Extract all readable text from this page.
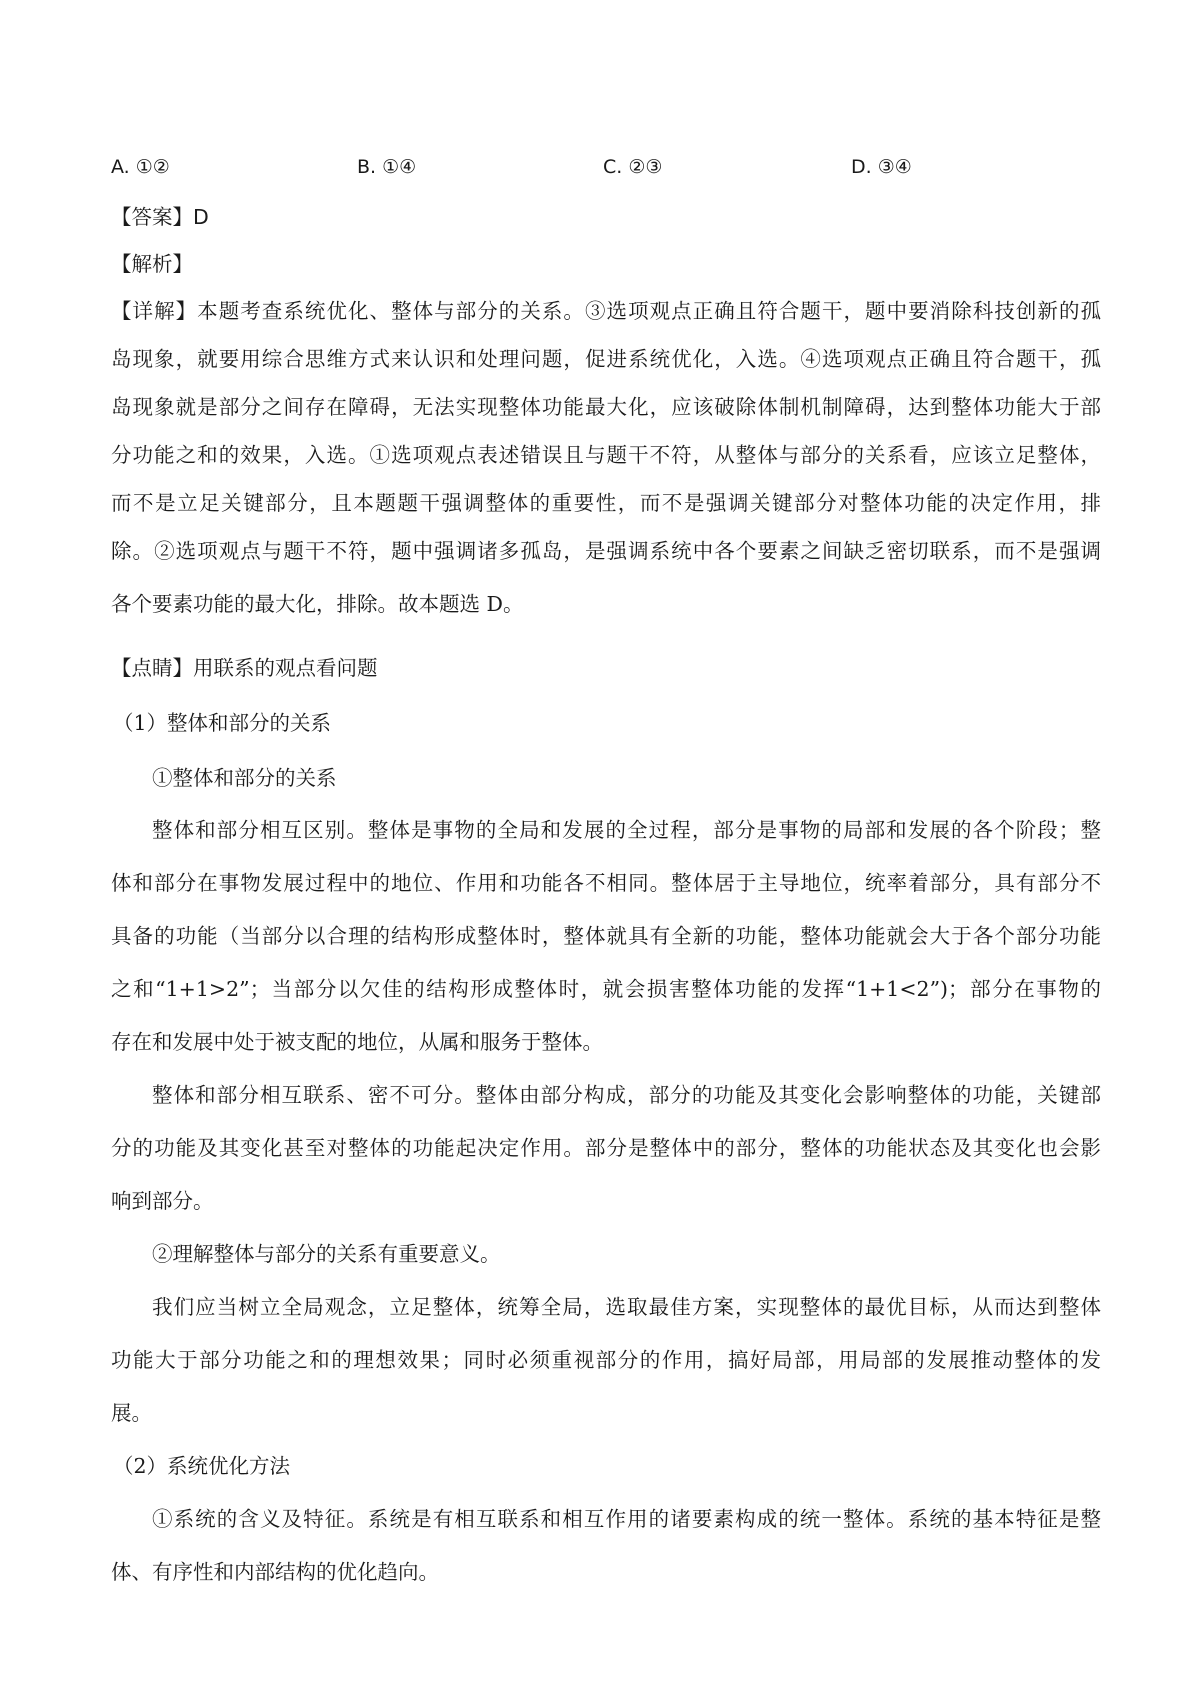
A. ①②	B. ①④	C. ②③	D. ③④
【答案】D
【解析】
【详解】本题考查系统优化、整体与部分的关系。③选项观点正确且符合题干，题中要消除科技创新的孤
岛现象，就要用综合思维方式来认识和处理问题，促进系统优化，入选。④选项观点正确且符合题干，孤
岛现象就是部分之间存在障碍，无法实现整体功能最大化，应该破除体制机制障碍，达到整体功能大于部
分功能之和的效果，入选。①选项观点表述错误且与题干不符，从整体与部分的关系看，应该立足整体，
而不是立足关键部分，且本题题干强调整体的重要性，而不是强调关键部分对整体功能的决定作用，排
除。②选项观点与题干不符，题中强调诸多孤岛，是强调系统中各个要素之间缺乏密切联系，而不是强调
各个要素功能的最大化，排除。故本题选 D。
【点睛】用联系的观点看问题
（1）整体和部分的关系
①整体和部分的关系
整体和部分相互区别。整体是事物的全局和发展的全过程，部分是事物的局部和发展的各个阶段；整
体和部分在事物发展过程中的地位、作用和功能各不相同。整体居于主导地位，统率着部分，具有部分不
具备的功能（当部分以合理的结构形成整体时，整体就具有全新的功能，整体功能就会大于各个部分功能
之和“1+1>2”；当部分以欠佳的结构形成整体时，就会损害整体功能的发挥“1+1<2”)；部分在事物的
存在和发展中处于被支配的地位，从属和服务于整体。
整体和部分相互联系、密不可分。整体由部分构成，部分的功能及其变化会影响整体的功能，关键部
分的功能及其变化甚至对整体的功能起决定作用。部分是整体中的部分，整体的功能状态及其变化也会影
响到部分。
②理解整体与部分的关系有重要意义。
我们应当树立全局观念，立足整体，统筹全局，选取最佳方案，实现整体的最优目标，从而达到整体
功能大于部分功能之和的理想效果；同时必须重视部分的作用，搞好局部，用局部的发展推动整体的发
展。
（2）系统优化方法
①系统的含义及特征。系统是有相互联系和相互作用的诸要素构成的统一整体。系统的基本特征是整
体、有序性和内部结构的优化趋向。
